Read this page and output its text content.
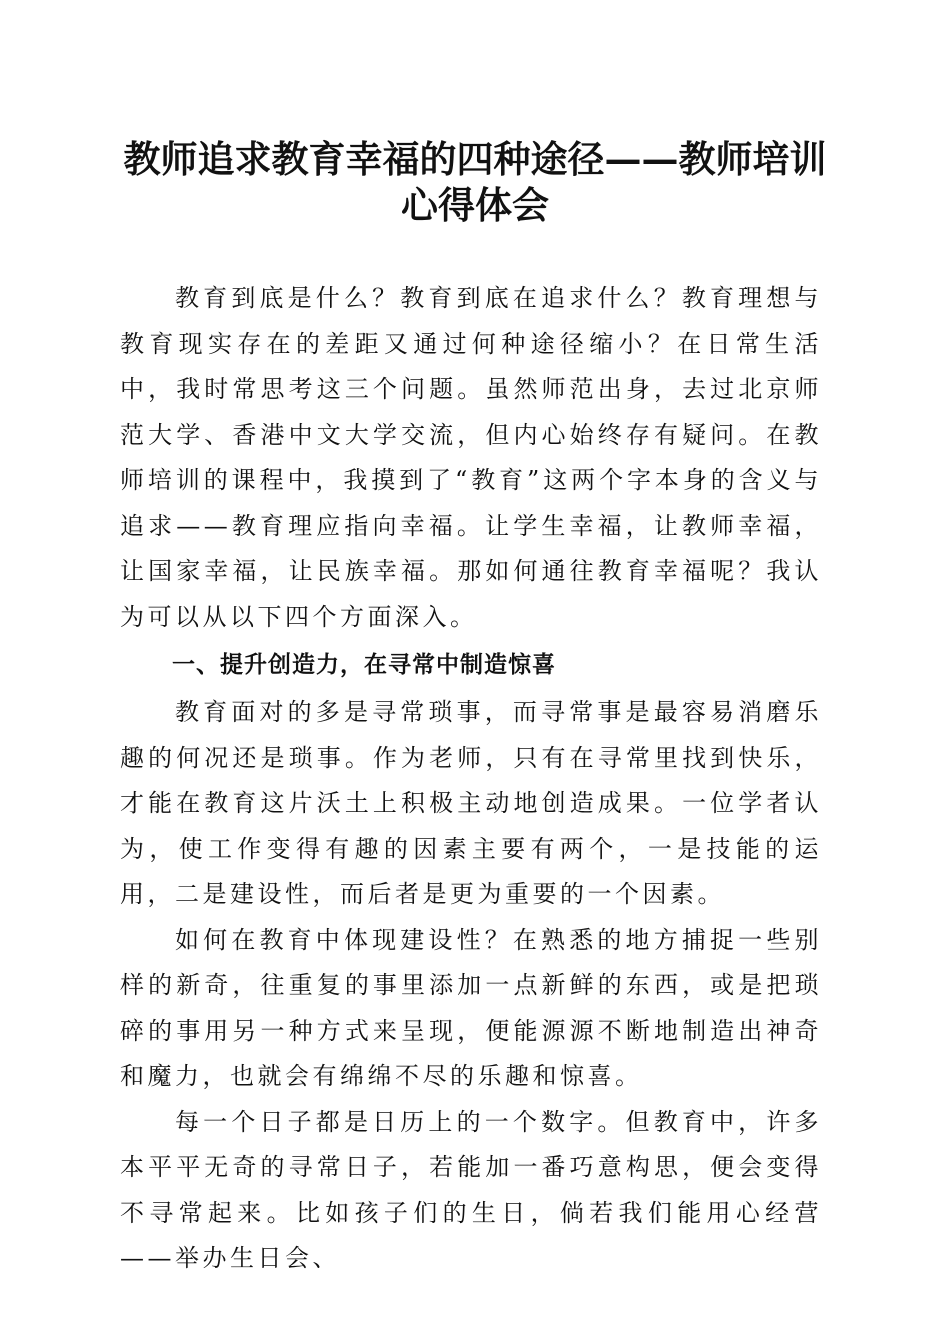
教师追求教育幸福的四种途径——教师培训心得体会

教育到底是什么？教育到底在追求什么？教育理想与教育现实存在的差距又通过何种途径缩小？在日常生活中，我时常思考这三个问题。虽然师范出身，去过北京师范大学、香港中文大学交流，但内心始终存有疑问。在教师培训的课程中，我摸到了“教育”这两个字本身的含义与追求——教育理应指向幸福。让学生幸福，让教师幸福，让国家幸福，让民族幸福。那如何通往教育幸福呢？我认为可以从以下四个方面深入。

一、提升创造力，在寻常中制造惊喜

教育面对的多是寻常琐事，而寻常事是最容易消磨乐趣的何况还是琐事。作为老师，只有在寻常里找到快乐，才能在教育这片沃土上积极主动地创造成果。一位学者认为，使工作变得有趣的因素主要有两个，一是技能的运用，二是建设性，而后者是更为重要的一个因素。

如何在教育中体现建设性？在熟悉的地方捕捉一些别样的新奇，往重复的事里添加一点新鲜的东西，或是把琐碎的事用另一种方式来呈现，便能源源不断地制造出神奇和魔力，也就会有绵绵不尽的乐趣和惊喜。

每一个日子都是日历上的一个数字。但教育中，许多本平平无奇的寻常日子，若能加一番巧意构思，便会变得不寻常起来。比如孩子们的生日，倘若我们能用心经营——举办生日会、
